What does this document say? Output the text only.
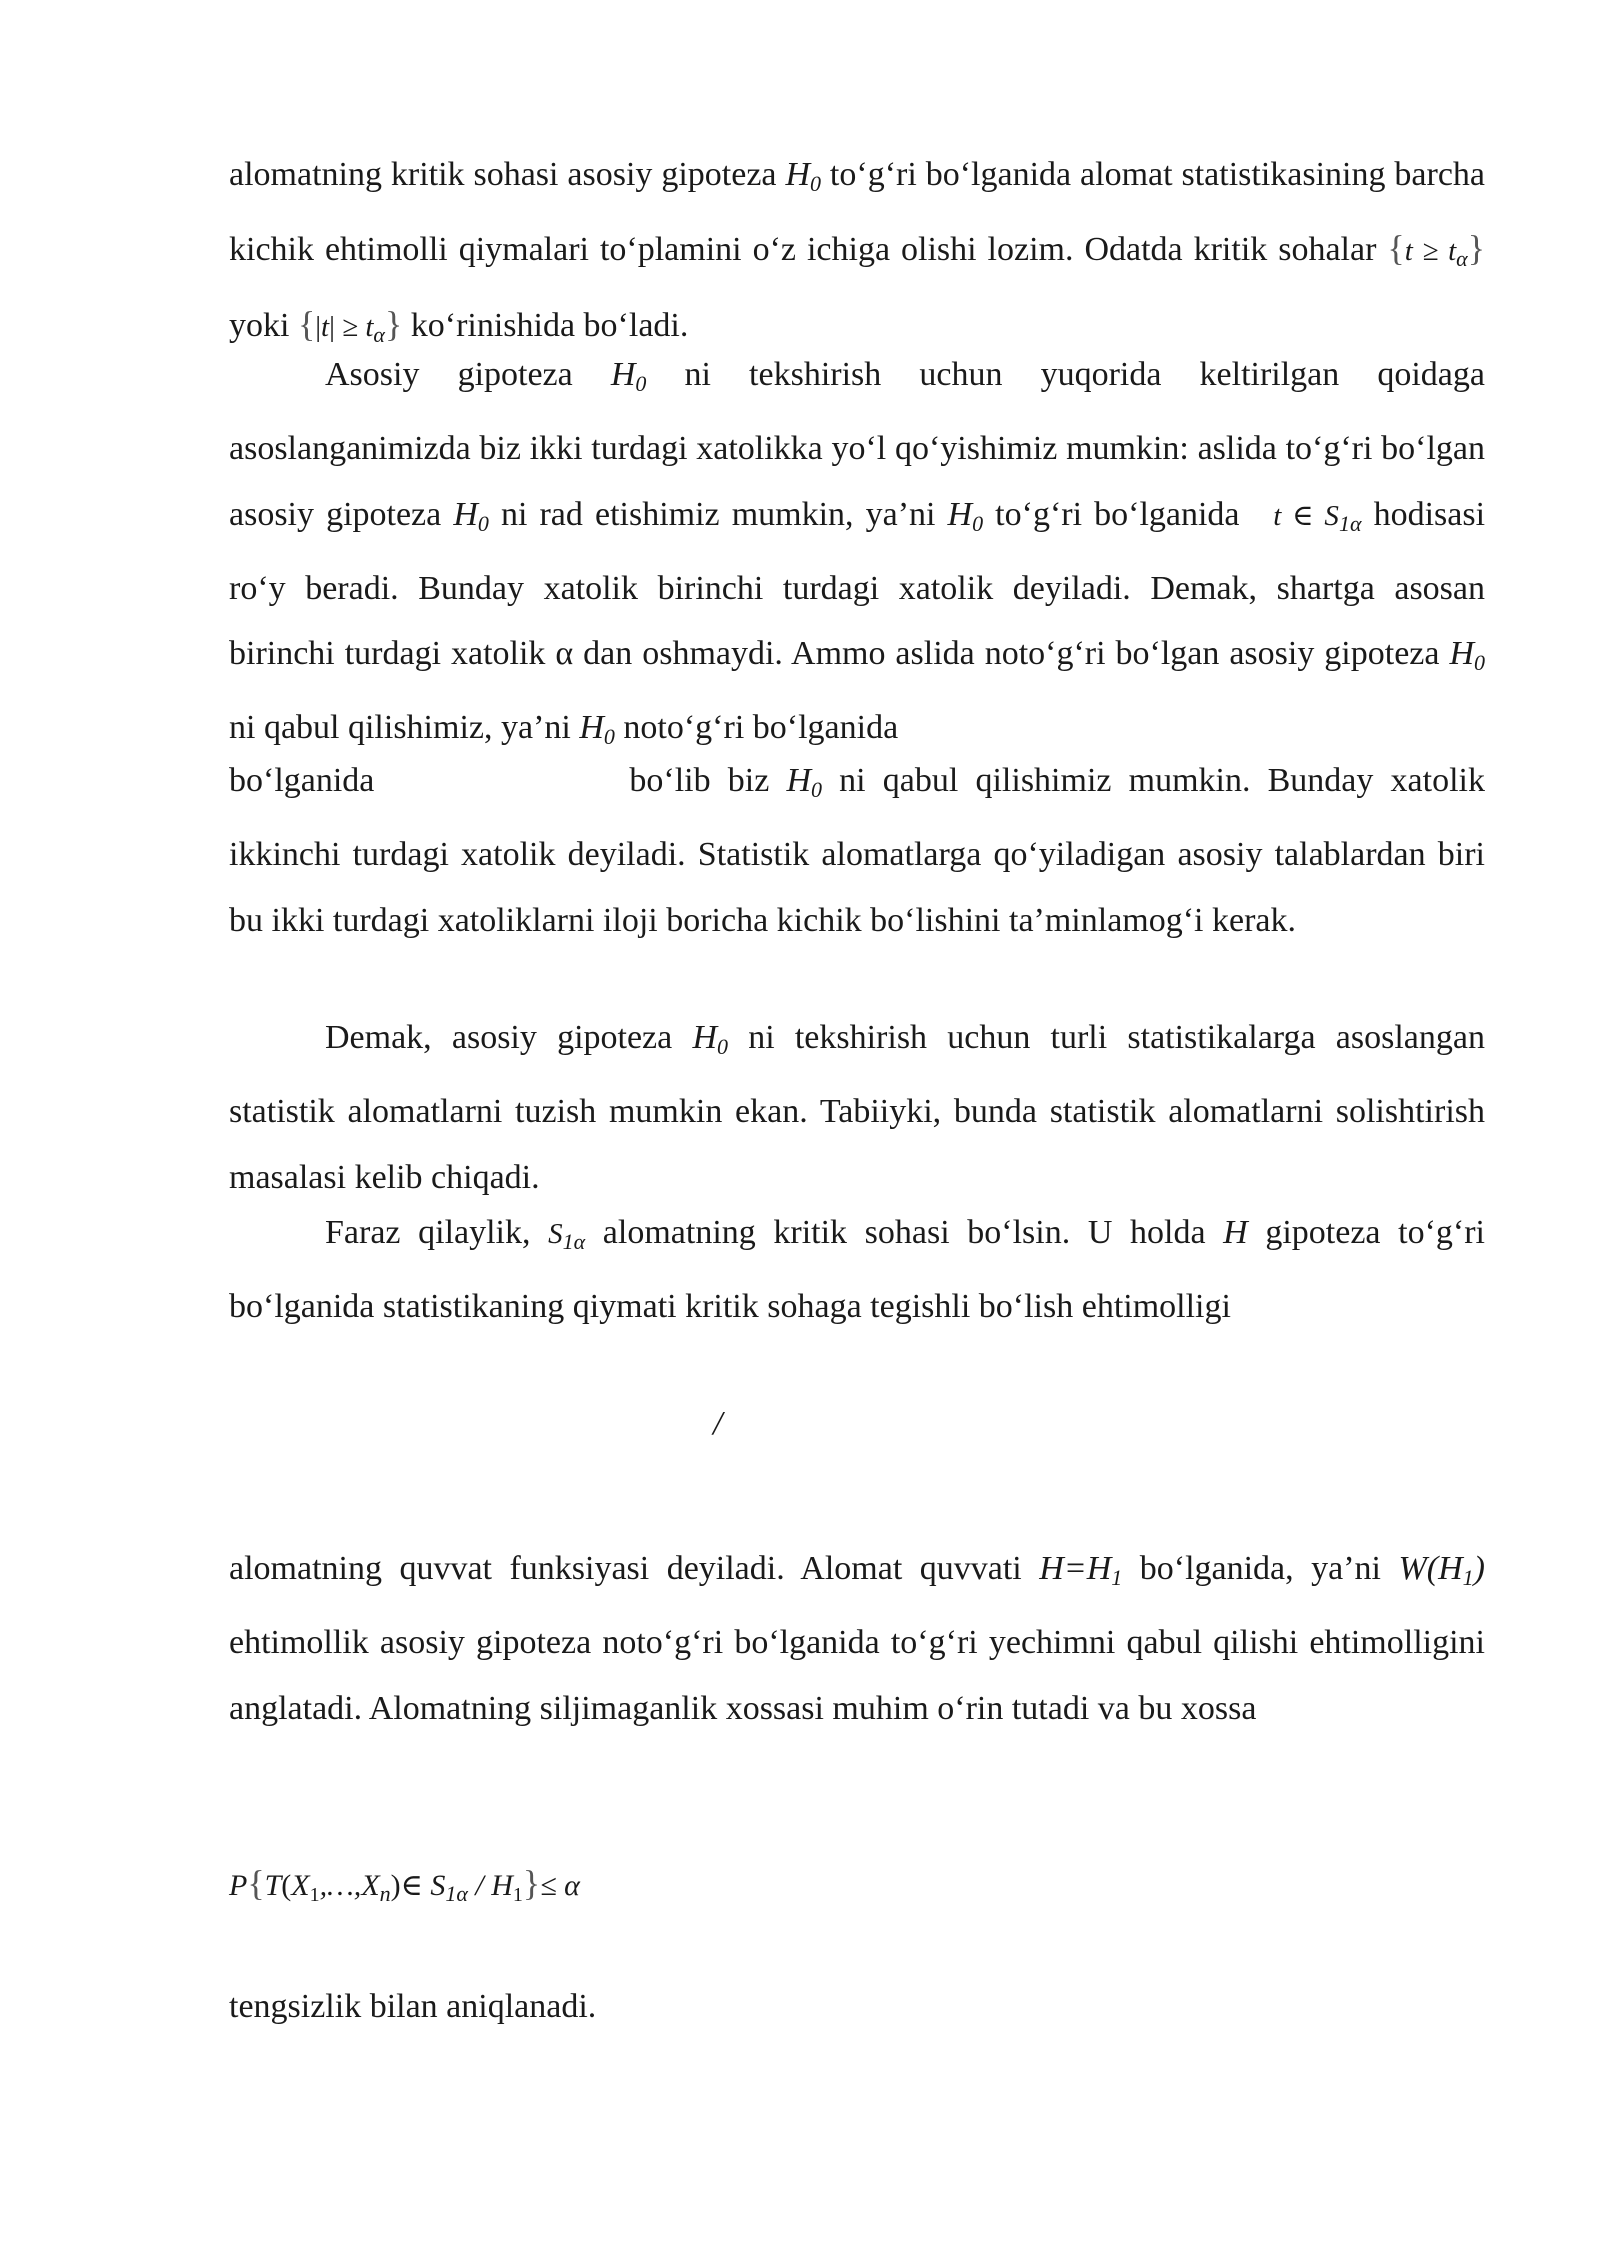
alomatning kritik sohasi asosiy gipoteza $H_0$ to‘g‘ri bo‘lganida alomat statistikasining barcha kichik ehtimolli qiymalari to‘plamini o‘z ichiga olishi lozim. Odatda kritik sohalar $\{t \ge t_\alpha\}$ yoki $\{|t| \ge t_\alpha\}$ ko‘rinishida bo‘ladi.

Asosiy gipoteza $H_0$ ni tekshirish uchun yuqorida keltirilgan qoidaga asoslanganimizda biz ikki turdagi xatolikka yo‘l qo‘yishimiz mumkin: aslida to‘g‘ri bo‘lgan asosiy gipoteza $H_0$ ni rad etishimiz mumkin, ya’ni $H_0$ to‘g‘ri bo‘lganida   t ∈ $S_{1\alpha}$ hodisasi ro‘y beradi. Bunday xatolik birinchi turdagi xatolik deyiladi. Demak, shartga asosan birinchi turdagi xatolik α dan oshmaydi. Ammo aslida noto‘g‘ri bo‘lgan asosiy gipoteza $H_0$ ni qabul qilishimiz, ya’ni $H_0$ noto‘g‘ri bo‘lganida

bo‘lganida	bo‘lib biz $H_0$ ni qabul qilishimiz mumkin. Bunday xatolik ikkinchi turdagi xatolik deyiladi. Statistik alomatlarga qo‘yiladigan asosiy talablardan biri bu ikki turdagi xatoliklarni iloji boricha kichik bo‘lishini ta’minlamog‘i kerak.

Demak, asosiy gipoteza $H_0$ ni tekshirish uchun turli statistikalarga asoslangan statistik alomatlarni tuzish mumkin ekan. Tabiiyki, bunda statistik alomatlarni solishtirish masalasi kelib chiqadi.

Faraz qilaylik, $S_{1\alpha}$ alomatning kritik sohasi bo‘lsin. U holda H gipoteza to‘g‘ri bo‘lganida statistikaning qiymati kritik sohaga tegishli bo‘lish ehtimolligi

/

alomatning quvvat funksiyasi deyiladi. Alomat quvvati $H=H_1$ bo‘lganida, ya’ni $W(H_1)$ ehtimollik asosiy gipoteza noto‘g‘ri bo‘lganida to‘g‘ri yechimni qabul qilishi ehtimolligini anglatadi. Alomatning siljimaganlik xossasi muhim o‘rin tutadi va bu xossa

$P\{T(X_1,\dots,X_n)\in$ $S_{1\alpha} / H_1\}\le \alpha$
tengsizlik bilan aniqlanadi.
